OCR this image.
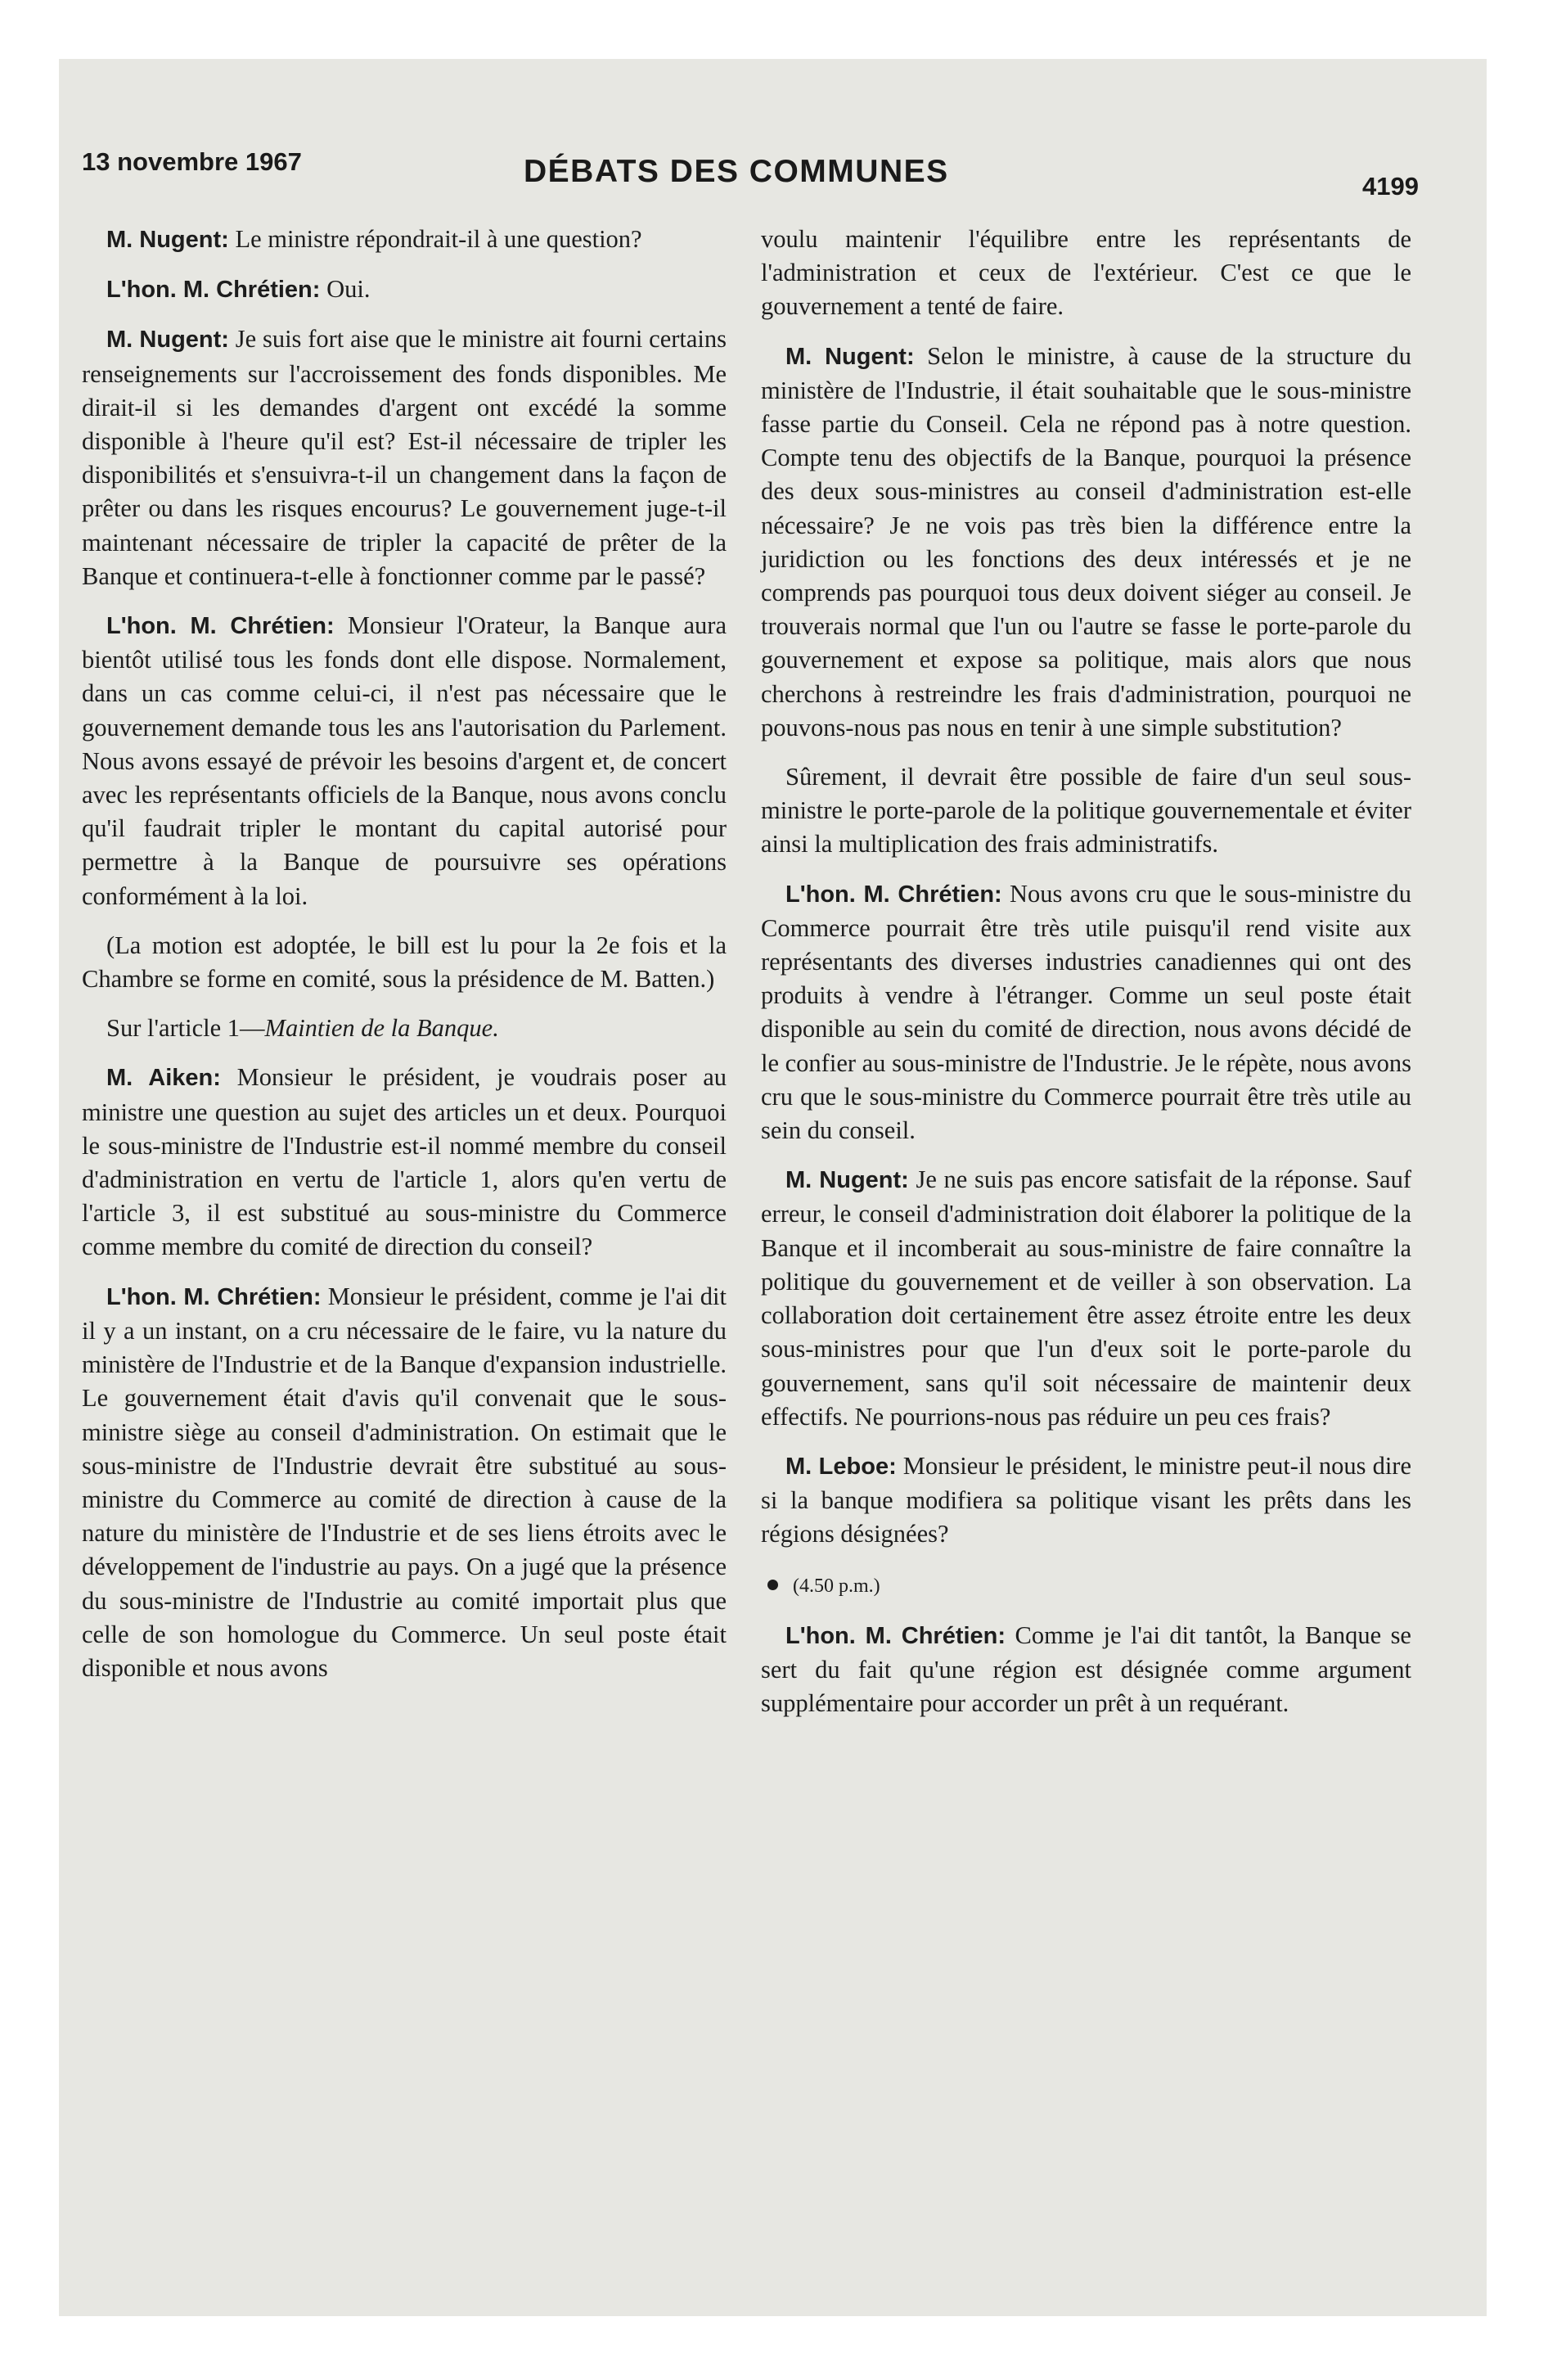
13 novembre 1967	DÉBATS DES COMMUNES	4199

M. Nugent: Le ministre répondrait-il à une question?

L'hon. M. Chrétien: Oui.

M. Nugent: Je suis fort aise que le ministre ait fourni certains renseignements sur l'accroissement des fonds disponibles. Me dirait-il si les demandes d'argent ont excédé la somme disponible à l'heure qu'il est? Est-il nécessaire de tripler les disponibilités et s'ensuivra-t-il un changement dans la façon de prêter ou dans les risques encourus? Le gouvernement juge-t-il maintenant nécessaire de tripler la capacité de prêter de la Banque et continuera-t-elle à fonctionner comme par le passé?

L'hon. M. Chrétien: Monsieur l'Orateur, la Banque aura bientôt utilisé tous les fonds dont elle dispose. Normalement, dans un cas comme celui-ci, il n'est pas nécessaire que le gouvernement demande tous les ans l'autorisation du Parlement. Nous avons essayé de prévoir les besoins d'argent et, de concert avec les représentants officiels de la Banque, nous avons conclu qu'il faudrait tripler le montant du capital autorisé pour permettre à la Banque de poursuivre ses opérations conformément à la loi.

(La motion est adoptée, le bill est lu pour la 2e fois et la Chambre se forme en comité, sous la présidence de M. Batten.)

Sur l'article 1—Maintien de la Banque.

M. Aiken: Monsieur le président, je voudrais poser au ministre une question au sujet des articles un et deux. Pourquoi le sous-ministre de l'Industrie est-il nommé membre du conseil d'administration en vertu de l'article 1, alors qu'en vertu de l'article 3, il est substitué au sous-ministre du Commerce comme membre du comité de direction du conseil?

L'hon. M. Chrétien: Monsieur le président, comme je l'ai dit il y a un instant, on a cru nécessaire de le faire, vu la nature du ministère de l'Industrie et de la Banque d'expansion industrielle. Le gouvernement était d'avis qu'il convenait que le sous-ministre siège au conseil d'administration. On estimait que le sous-ministre de l'Industrie devrait être substitué au sous-ministre du Commerce au comité de direction à cause de la nature du ministère de l'Industrie et de ses liens étroits avec le développement de l'industrie au pays. On a jugé que la présence du sous-ministre de l'Industrie au comité importait plus que celle de son homologue du Commerce. Un seul poste était disponible et nous avons

voulu maintenir l'équilibre entre les représentants de l'administration et ceux de l'extérieur. C'est ce que le gouvernement a tenté de faire.

M. Nugent: Selon le ministre, à cause de la structure du ministère de l'Industrie, il était souhaitable que le sous-ministre fasse partie du Conseil. Cela ne répond pas à notre question. Compte tenu des objectifs de la Banque, pourquoi la présence des deux sous-ministres au conseil d'administration est-elle nécessaire? Je ne vois pas très bien la différence entre la juridiction ou les fonctions des deux intéressés et je ne comprends pas pourquoi tous deux doivent siéger au conseil. Je trouverais normal que l'un ou l'autre se fasse le porte-parole du gouvernement et expose sa politique, mais alors que nous cherchons à restreindre les frais d'administration, pourquoi ne pouvons-nous pas nous en tenir à une simple substitution?

Sûrement, il devrait être possible de faire d'un seul sous-ministre le porte-parole de la politique gouvernementale et éviter ainsi la multiplication des frais administratifs.

L'hon. M. Chrétien: Nous avons cru que le sous-ministre du Commerce pourrait être très utile puisqu'il rend visite aux représentants des diverses industries canadiennes qui ont des produits à vendre à l'étranger. Comme un seul poste était disponible au sein du comité de direction, nous avons décidé de le confier au sous-ministre de l'Industrie. Je le répète, nous avons cru que le sous-ministre du Commerce pourrait être très utile au sein du conseil.

M. Nugent: Je ne suis pas encore satisfait de la réponse. Sauf erreur, le conseil d'administration doit élaborer la politique de la Banque et il incomberait au sous-ministre de faire connaître la politique du gouvernement et de veiller à son observation. La collaboration doit certainement être assez étroite entre les deux sous-ministres pour que l'un d'eux soit le porte-parole du gouvernement, sans qu'il soit nécessaire de maintenir deux effectifs. Ne pourrions-nous pas réduire un peu ces frais?

M. Leboe: Monsieur le président, le ministre peut-il nous dire si la banque modifiera sa politique visant les prêts dans les régions désignées?

(4.50 p.m.)

L'hon. M. Chrétien: Comme je l'ai dit tantôt, la Banque se sert du fait qu'une région est désignée comme argument supplémentaire pour accorder un prêt à un requérant.
